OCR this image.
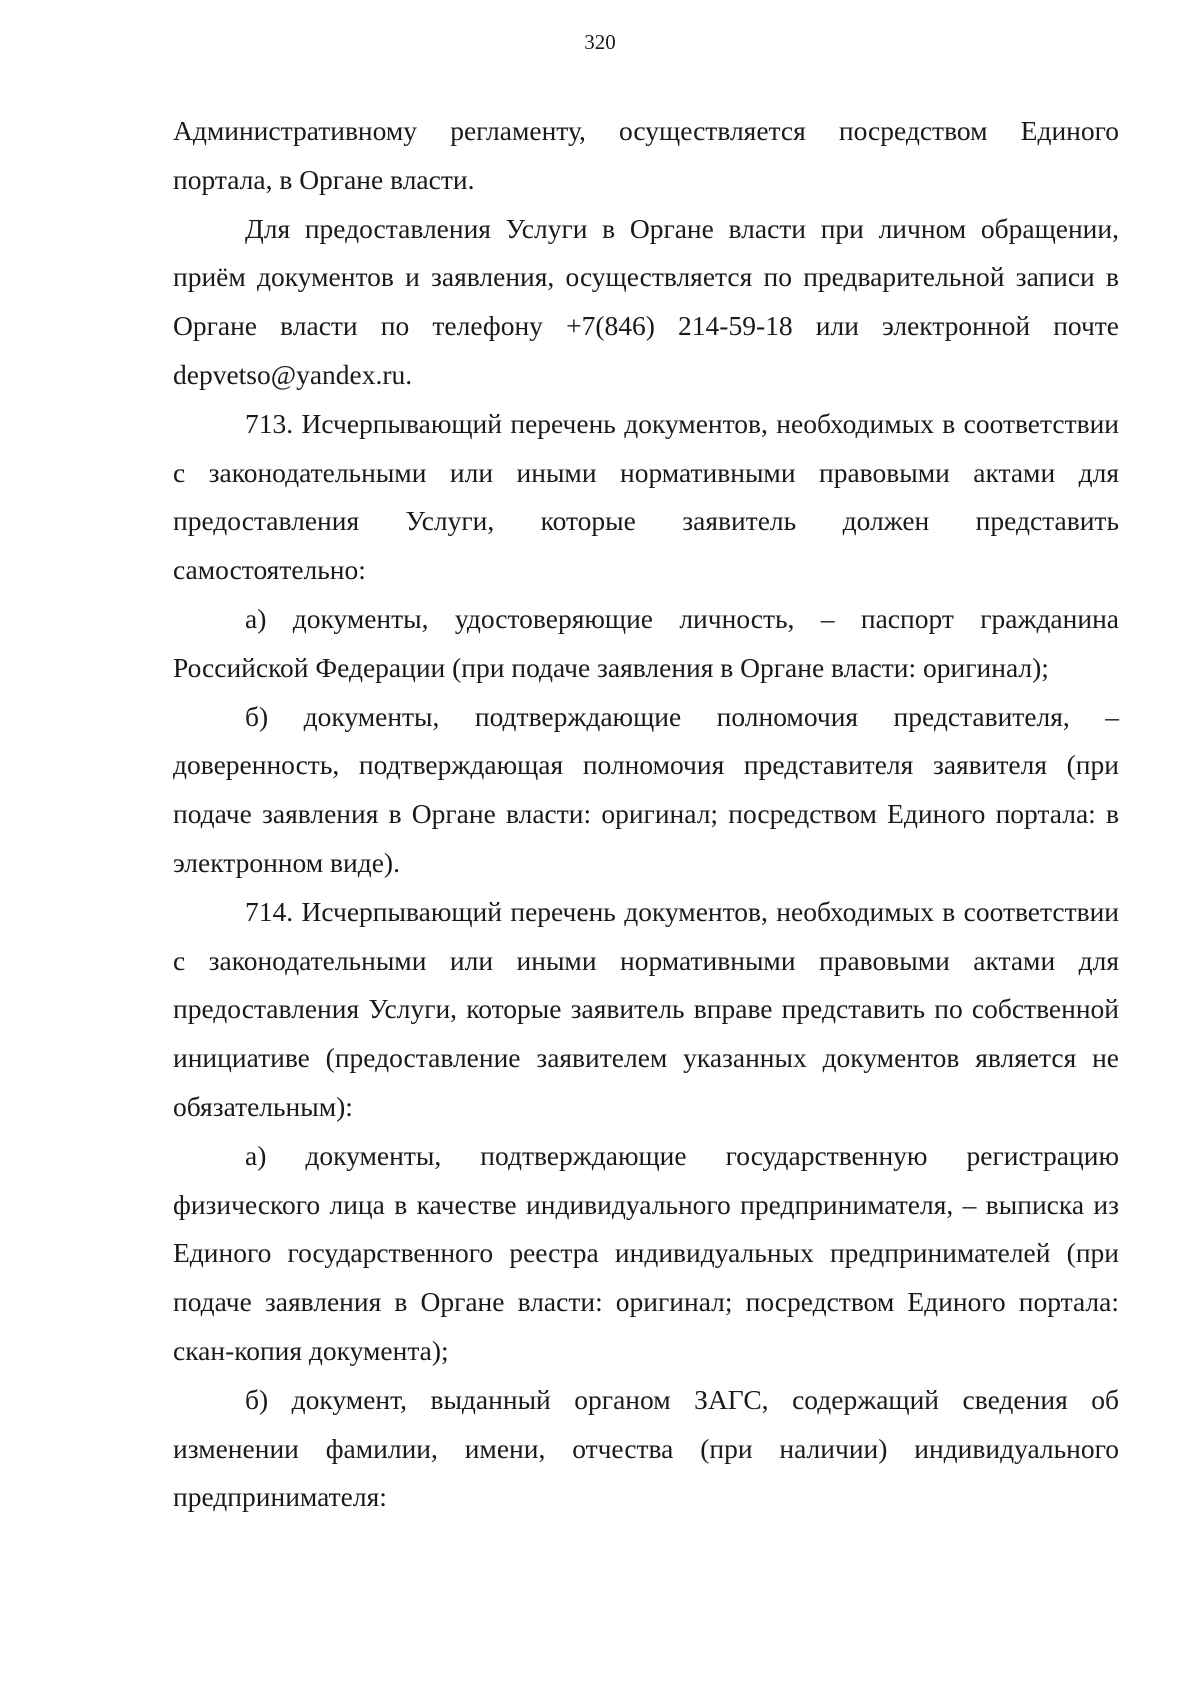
320

Административному регламенту, осуществляется посредством Единого портала, в Органе власти.

Для предоставления Услуги в Органе власти при личном обращении, приём документов и заявления, осуществляется по предварительной записи в Органе власти по телефону +7(846) 214-59-18 или электронной почте depvetso@yandex.ru.

713. Исчерпывающий перечень документов, необходимых в соответствии с законодательными или иными нормативными правовыми актами для предоставления Услуги, которые заявитель должен представить самостоятельно:

а) документы, удостоверяющие личность, – паспорт гражданина Российской Федерации (при подаче заявления в Органе власти: оригинал);

б) документы, подтверждающие полномочия представителя, – доверенность, подтверждающая полномочия представителя заявителя (при подаче заявления в Органе власти: оригинал; посредством Единого портала: в электронном виде).

714. Исчерпывающий перечень документов, необходимых в соответствии с законодательными или иными нормативными правовыми актами для предоставления Услуги, которые заявитель вправе представить по собственной инициативе (предоставление заявителем указанных документов является не обязательным):

а) документы, подтверждающие государственную регистрацию физического лица в качестве индивидуального предпринимателя, – выписка из Единого государственного реестра индивидуальных предпринимателей (при подаче заявления в Органе власти: оригинал; посредством Единого портала: скан-копия документа);

б) документ, выданный органом ЗАГС, содержащий сведения об изменении фамилии, имени, отчества (при наличии) индивидуального предпринимателя:
